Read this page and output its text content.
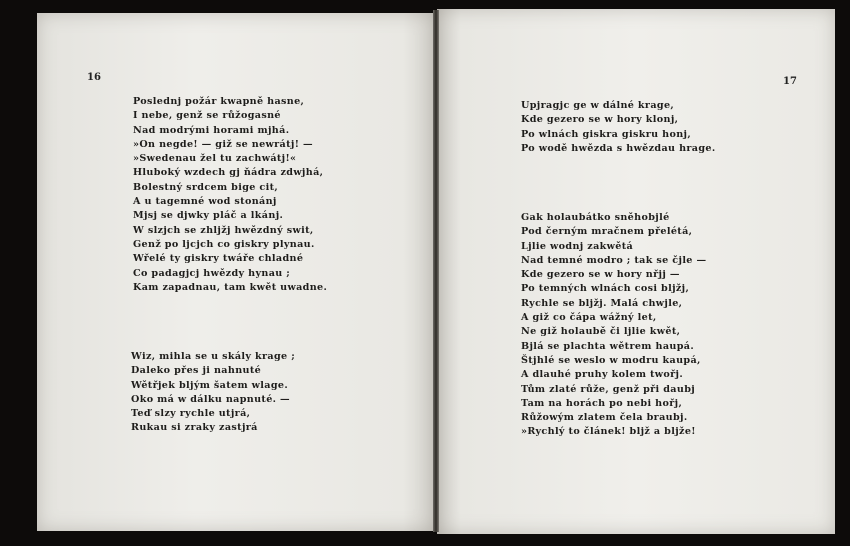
16	17
Poslednj požár kwapně hasne,
I nebe, genž se růžogasné
Nad modrými horami mjhá.
»On negde! — giž se newrátj! —
»Swedenau žel tu zachwátj!«
Hluboký wzdech gj ňádra zdwjhá,
Bolestný srdcem bige cit,
A u tagemné wod stonánj
Mjsj se djwky pláč a lkánj.
W slzjch se zhljžj hwězdný swit,
Genž po ljcjch co giskry plynau.
Wřelé ty giskry twáře chladné
Co padagjcj hwězdy hynau ;
Kam zapadnau, tam kwět uwadne.
Wiz, mihla se u skály krage ;
Daleko přes ji nahnuté
Wětřjek bljým šatem wlage.
Oko má w dálku napnuté. —
Teď slzy rychle utjrá,
Rukau si zraky zastjrá
Upjragjc ge w dálné krage,
Kde gezero se w hory klonj,
Po wlnách giskra giskru honj,
Po wodě hwězda s hwězdau hrage.
Gak holaubátko sněhobjlé
Pod černým mračnem přelétá,
Ljlie wodnj zakwětá
Nad temné modro ; tak se čjle —
Kde gezero se w hory nřjj —
Po temných wlnách cosi bljžj,
Rychle se bljžj. Malá chwjle,
A giž co čápa wážný let,
Ne giž holaubě či ljlie kwět,
Bjlá se plachta wětrem haupá.
Štjhlé se weslo w modru kaupá,
A dlauhé pruhy kolem twořj.
Tům zlaté růže, genž při daubj
Tam na horách po nebi hořj,
Růžowým zlatem čela braubj.
»Rychlý to článek! bljž a bljže!
